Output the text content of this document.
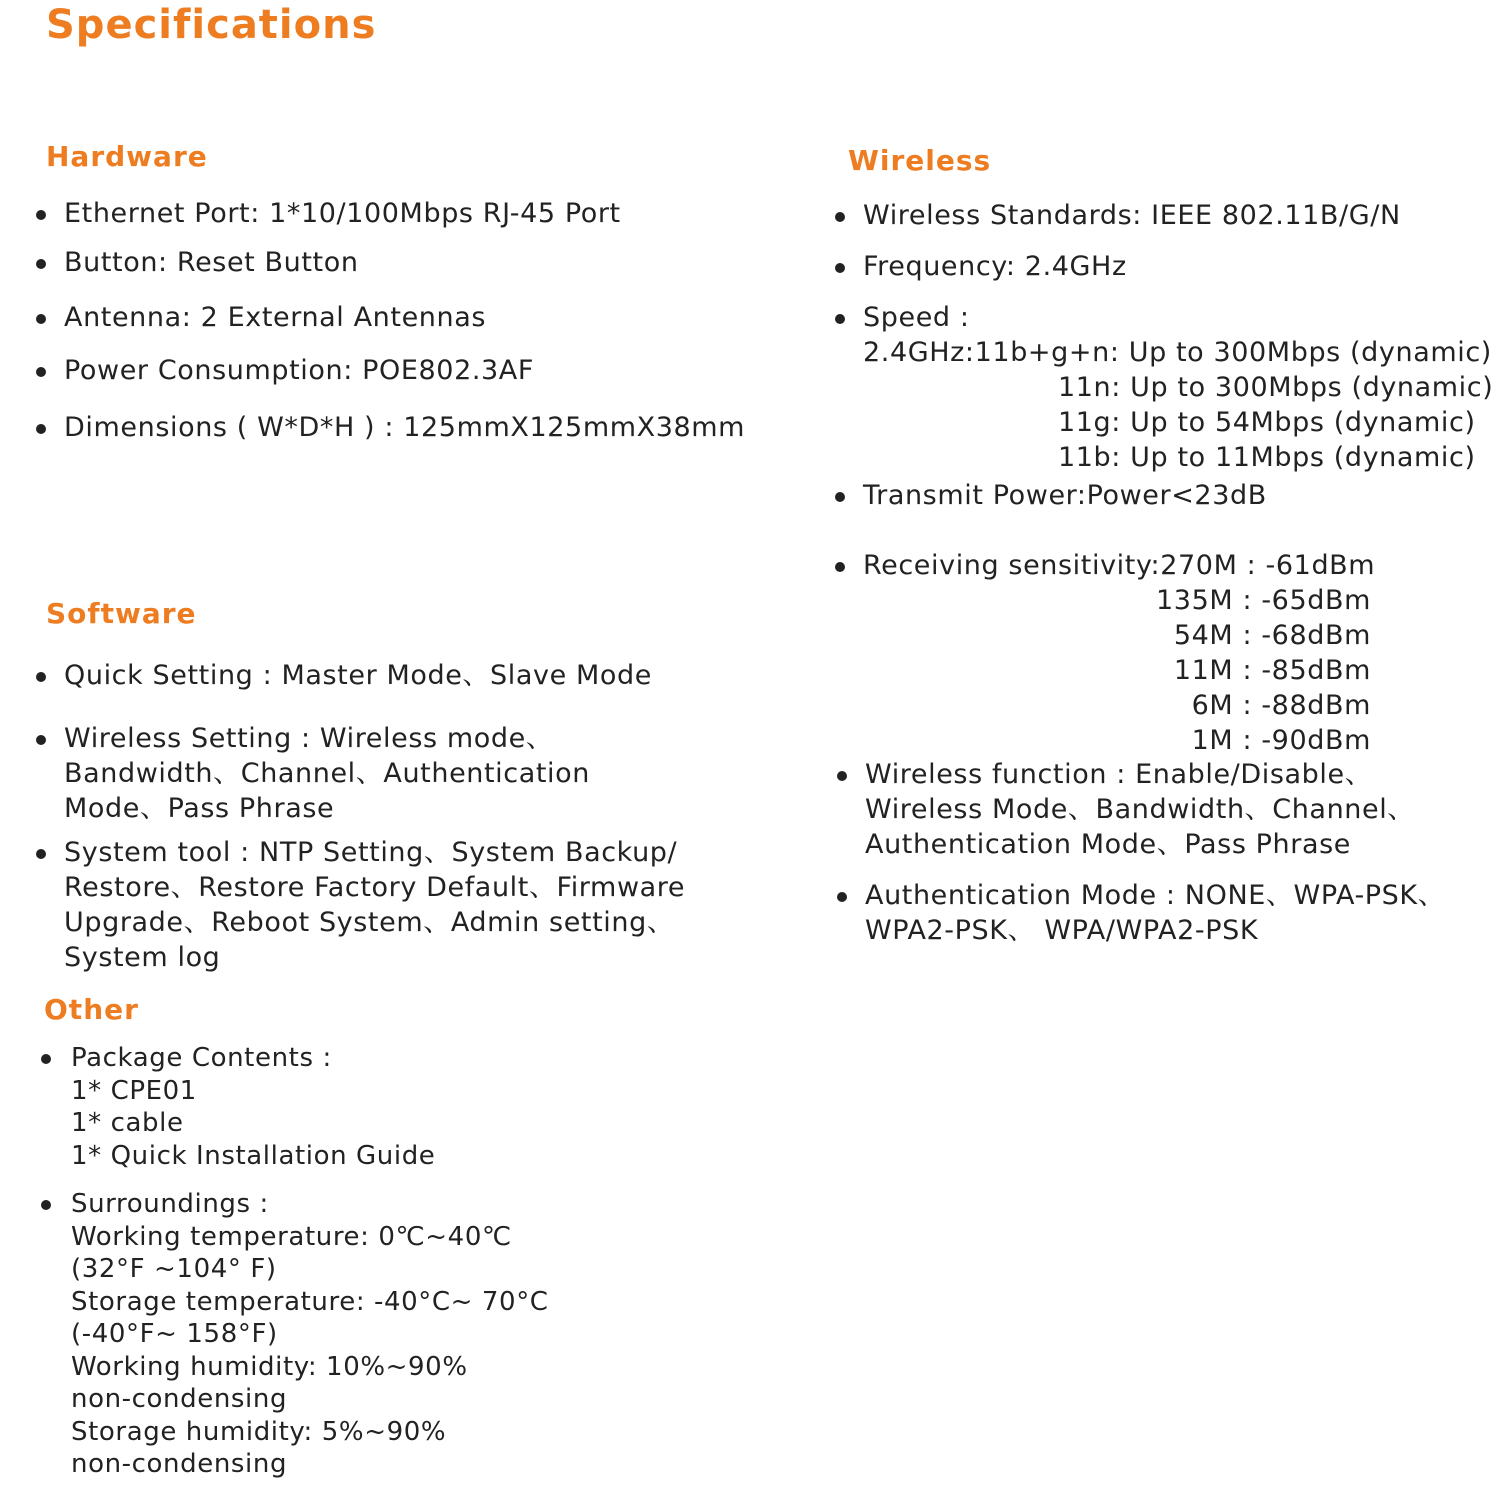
Specifications
Hardware
Ethernet Port: 1*10/100Mbps RJ-45 Port
Button: Reset Button
Antenna: 2 External Antennas
Power Consumption: POE802.3AF
Dimensions ( W*D*H ) : 125mmX125mmX38mm
Software
Quick Setting : Master Mode、Slave Mode
Wireless Setting : Wireless mode、
Bandwidth、Channel、Authentication
Mode、Pass Phrase
System tool : NTP Setting、System Backup/
Restore、Restore Factory Default、Firmware
Upgrade、Reboot System、Admin setting、
System log
Other
Package Contents :
1* CPE01
1* cable
1* Quick Installation Guide
Surroundings :
Working temperature: 0℃~40℃
(32°F ~104° F)
Storage temperature: -40°C~ 70°C
(-40°F~ 158°F)
Working humidity: 10%~90%
non-condensing
Storage humidity: 5%~90%
non-condensing
Wireless
Wireless Standards: IEEE 802.11B/G/N
Frequency: 2.4GHz
Speed :
2.4GHz:11b+g+n: Up to 300Mbps (dynamic)
11n: Up to 300Mbps (dynamic)
11g: Up to 54Mbps (dynamic)
11b: Up to 11Mbps (dynamic)
Transmit Power:Power<23dB
Receiving sensitivity:270M : -61dBm
135M : -65dBm
54M : -68dBm
11M : -85dBm
6M : -88dBm
1M : -90dBm
Wireless function : Enable/Disable、
Wireless Mode、Bandwidth、Channel、
Authentication Mode、Pass Phrase
Authentication Mode : NONE、WPA-PSK、
WPA2-PSK、 WPA/WPA2-PSK
